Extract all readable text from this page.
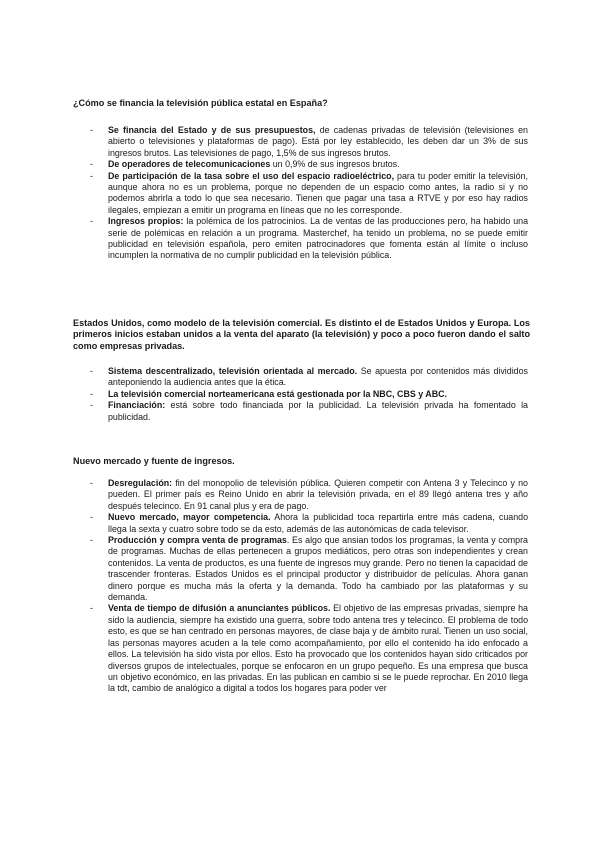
¿Cómo se financia la televisión pública estatal en España?
- Se financia del Estado y de sus presupuestos, de cadenas privadas de televisión (televisiones en abierto o televisiones y plataformas de pago). Está por ley establecido, les deben dar un 3% de sus ingresos brutos. Las televisiones de pago, 1,5% de sus ingresos brutos.
- De operadores de telecomunicaciones un 0,9% de sus ingresos brutos.
- De participación de la tasa sobre el uso del espacio radioeléctrico, para tu poder emitir la televisión, aunque ahora no es un problema, porque no dependen de un espacio como antes, la radio si y no podemos abrirla a todo lo que sea necesario. Tienen que pagar una tasa a RTVE y por eso hay radios ilegales, empiezan a emitir un programa en líneas que no les corresponde.
- Ingresos propios: la polémica de los patrocinios. La de ventas de las producciones pero, ha habido una serie de polémicas en relación a un programa. Masterchef, ha tenido un problema, no se puede emitir publicidad en televisión española, pero emiten patrocinadores que fomenta están al límite o incluso incumplen la normativa de no cumplir publicidad en la televisión pública.
Estados Unidos, como modelo de la televisión comercial. Es distinto el de Estados Unidos y Europa. Los primeros inicios estaban unidos a la venta del aparato (la televisión) y poco a poco fueron dando el salto como empresas privadas.
- Sistema descentralizado, televisión orientada al mercado. Se apuesta por contenidos más divididos anteponiendo la audiencia antes que la ética.
- La televisión comercial norteamericana está gestionada por la NBC, CBS y ABC.
- Financiación: está sobre todo financiada por la publicidad. La televisión privada ha fomentado la publicidad.
Nuevo mercado y fuente de ingresos.
- Desregulación: fin del monopolio de televisión pública. Quieren competir con Antena 3 y Telecinco y no pueden. El primer país es Reino Unido en abrir la televisión privada, en el 89 llegó antena tres y año después telecinco. En 91 canal plus y era de pago.
- Nuevo mercado, mayor competencia. Ahora la publicidad toca repartirla entre más cadena, cuando llega la sexta y cuatro sobre todo se da esto, además de las autonómicas de cada televisor.
- Producción y compra venta de programas. Es algo que ansian todos los programas, la venta y compra de programas. Muchas de ellas pertenecen a grupos mediáticos, pero otras son independientes y crean contenidos. La venta de productos, es una fuente de ingresos muy grande. Pero no tienen la capacidad de trascender fronteras. Estados Unidos es el principal productor y distribuidor de películas. Ahora ganan dinero porque es mucha más la oferta y la demanda. Todo ha cambiado por las plataformas y su demanda.
- Venta de tiempo de difusión a anunciantes públicos. El objetivo de las empresas privadas, siempre ha sido la audiencia, siempre ha existido una guerra, sobre todo antena tres y telecinco. El problema de todo esto, es que se han centrado en personas mayores, de clase baja y de ámbito rural. Tienen un uso social, las personas mayores acuden a la tele como acompañamiento, por ello el contenido ha ido enfocado a ellos. La televisión ha sido vista por ellos. Esto ha provocado que los contenidos hayan sido criticados por diversos grupos de intelectuales, porque se enfocaron en un grupo pequeño. Es una empresa que busca un objetivo económico, en las privadas. En las publican en cambio si se le puede reprochar. En 2010 llega la tdt, cambio de analógico a digital a todos los hogares para poder ver
